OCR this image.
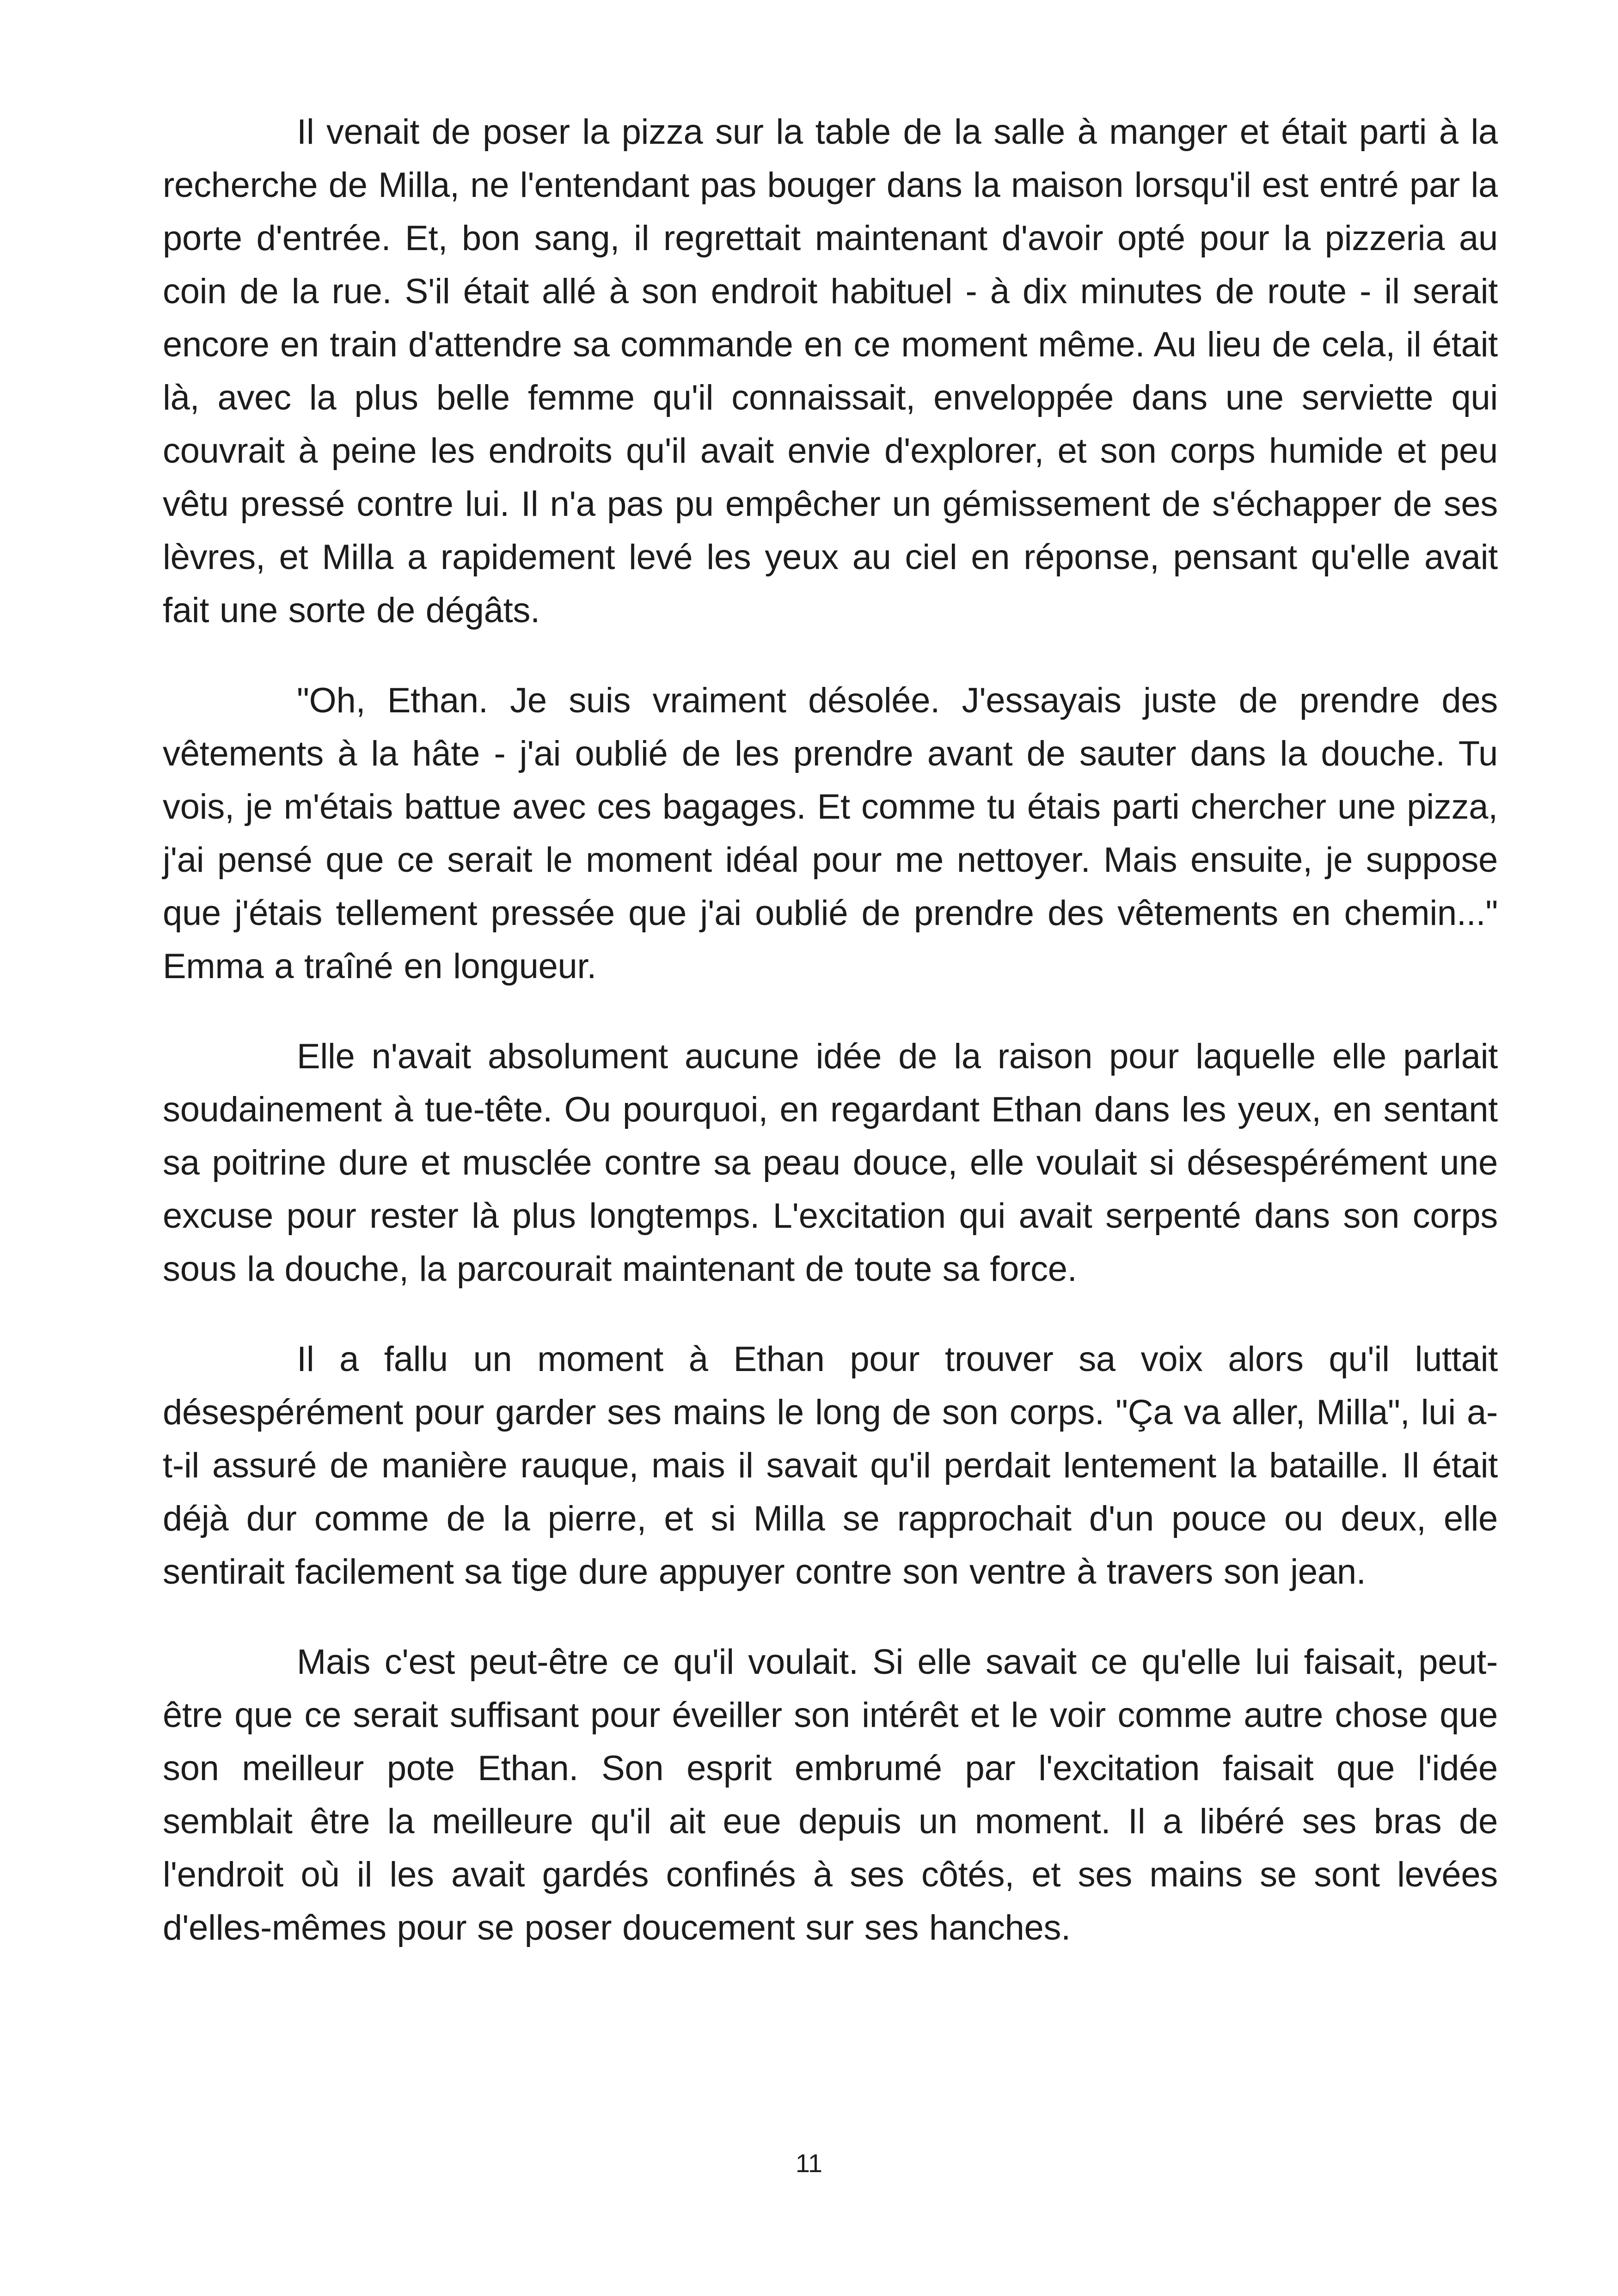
Il venait de poser la pizza sur la table de la salle à manger et était parti à la recherche de Milla, ne l'entendant pas bouger dans la maison lorsqu'il est entré par la porte d'entrée. Et, bon sang, il regrettait maintenant d'avoir opté pour la pizzeria au coin de la rue. S'il était allé à son endroit habituel - à dix minutes de route - il serait encore en train d'attendre sa commande en ce moment même. Au lieu de cela, il était là, avec la plus belle femme qu'il connaissait, enveloppée dans une serviette qui couvrait à peine les endroits qu'il avait envie d'explorer, et son corps humide et peu vêtu pressé contre lui. Il n'a pas pu empêcher un gémissement de s'échapper de ses lèvres, et Milla a rapidement levé les yeux au ciel en réponse, pensant qu'elle avait fait une sorte de dégâts.

"Oh, Ethan. Je suis vraiment désolée. J'essayais juste de prendre des vêtements à la hâte - j'ai oublié de les prendre avant de sauter dans la douche. Tu vois, je m'étais battue avec ces bagages. Et comme tu étais parti chercher une pizza, j'ai pensé que ce serait le moment idéal pour me nettoyer. Mais ensuite, je suppose que j'étais tellement pressée que j'ai oublié de prendre des vêtements en chemin..." Emma a traîné en longueur.

Elle n'avait absolument aucune idée de la raison pour laquelle elle parlait soudainement à tue-tête. Ou pourquoi, en regardant Ethan dans les yeux, en sentant sa poitrine dure et musclée contre sa peau douce, elle voulait si désespérément une excuse pour rester là plus longtemps. L'excitation qui avait serpenté dans son corps sous la douche, la parcourait maintenant de toute sa force.

Il a fallu un moment à Ethan pour trouver sa voix alors qu'il luttait désespérément pour garder ses mains le long de son corps. "Ça va aller, Milla", lui a-t-il assuré de manière rauque, mais il savait qu'il perdait lentement la bataille. Il était déjà dur comme de la pierre, et si Milla se rapprochait d'un pouce ou deux, elle sentirait facilement sa tige dure appuyer contre son ventre à travers son jean.

Mais c'est peut-être ce qu'il voulait. Si elle savait ce qu'elle lui faisait, peut-être que ce serait suffisant pour éveiller son intérêt et le voir comme autre chose que son meilleur pote Ethan. Son esprit embrumé par l'excitation faisait que l'idée semblait être la meilleure qu'il ait eue depuis un moment. Il a libéré ses bras de l'endroit où il les avait gardés confinés à ses côtés, et ses mains se sont levées d'elles-mêmes pour se poser doucement sur ses hanches.

11
